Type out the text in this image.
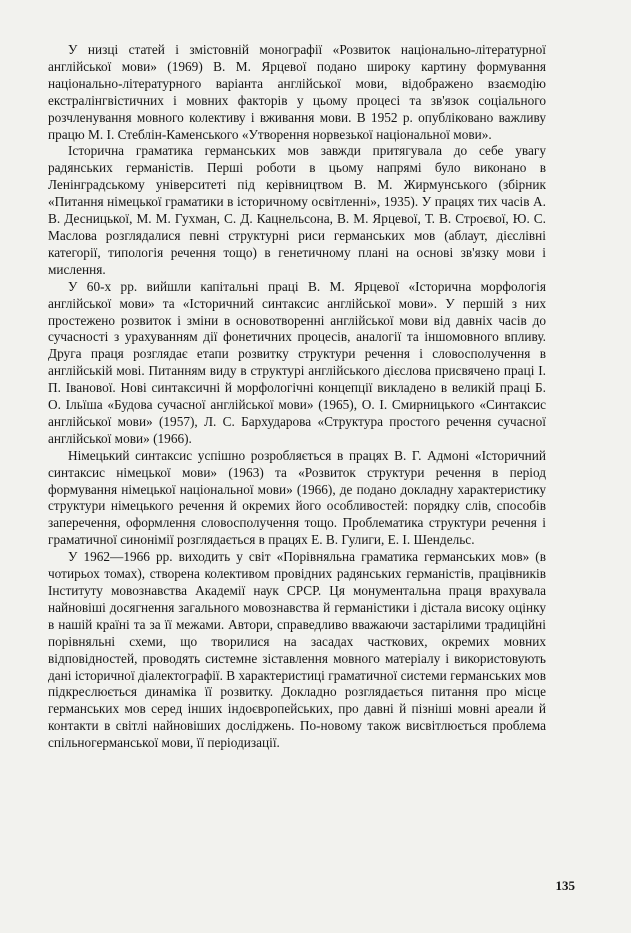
У низці статей і змістовній монографії «Розвиток національно-літературної англійської мови» (1969) В. М. Ярцевої подано широку картину формування національно-літературного варіанта англійської мови, відображено взаємодію екстралінгвістичних і мовних факторів у цьому процесі та зв'язок соціального розчленування мовного колективу і вживання мови. В 1952 р. опубліковано важливу працю М. І. Стеблін-Каменського «Утворення норвезької національної мови».

Історична граматика германських мов завжди притягувала до себе увагу радянських германістів. Перші роботи в цьому напрямі було виконано в Ленінградському університеті під керівництвом В. М. Жирмунського (збірник «Питання німецької граматики в історичному освітленні», 1935). У працях тих часів А. В. Десницької, М. М. Гухман, С. Д. Кацнельсона, В. М. Ярцевої, Т. В. Строєвої, Ю. С. Маслова розглядалися певні структурні риси германських мов (аблаут, дієслівні категорії, типологія речення тощо) в генетичному плані на основі зв'язку мови і мислення.

У 60-х рр. вийшли капітальні праці В. М. Ярцевої «Історична морфологія англійської мови» та «Історичний синтаксис англійської мови». У першій з них простежено розвиток і зміни в основотворенні англійської мови від давніх часів до сучасності з урахуванням дії фонетичних процесів, аналогії та іншомовного впливу. Друга праця розглядає етапи розвитку структури речення і словосполучення в англійській мові. Питанням виду в структурі англійського дієслова присвячено праці І. П. Іванової. Нові синтаксичні й морфологічні концепції викладено в великій праці Б. О. Ільїша «Будова сучасної англійської мови» (1965), О. І. Смирницького «Синтаксис англійської мови» (1957), Л. С. Бархударова «Структура простого речення сучасної англійської мови» (1966).

Німецький синтаксис успішно розробляється в працях В. Г. Адмоні «Історичний синтаксис німецької мови» (1963) та «Розвиток структури речення в період формування німецької національної мови» (1966), де подано докладну характеристику структури німецького речення й окремих його особливостей: порядку слів, способів заперечення, оформлення словосполучення тощо. Проблематика структури речення і граматичної синонімії розглядається в працях Е. В. Гулиги, Е. І. Шендельс.

У 1962—1966 рр. виходить у світ «Порівняльна граматика германських мов» (в чотирьох томах), створена колективом провідних радянських германістів, працівників Інституту мовознавства Академії наук СРСР. Ця монументальна праця врахувала найновіші досягнення загального мовознавства й германістики і дістала високу оцінку в нашій країні та за її межами. Автори, справедливо вважаючи застарілими традиційні порівняльні схеми, що творилися на засадах часткових, окремих мовних відповідностей, проводять системне зіставлення мовного матеріалу і використовують дані історичної діалектографії. В характеристиці граматичної системи германських мов підкреслюється динаміка її розвитку. Докладно розглядається питання про місце германських мов серед інших індоєвропейських, про давні й пізніші мовні ареали й контакти в світлі найновіших досліджень. По-новому також висвітлюється проблема спільногерманської мови, її періодизації.

135
